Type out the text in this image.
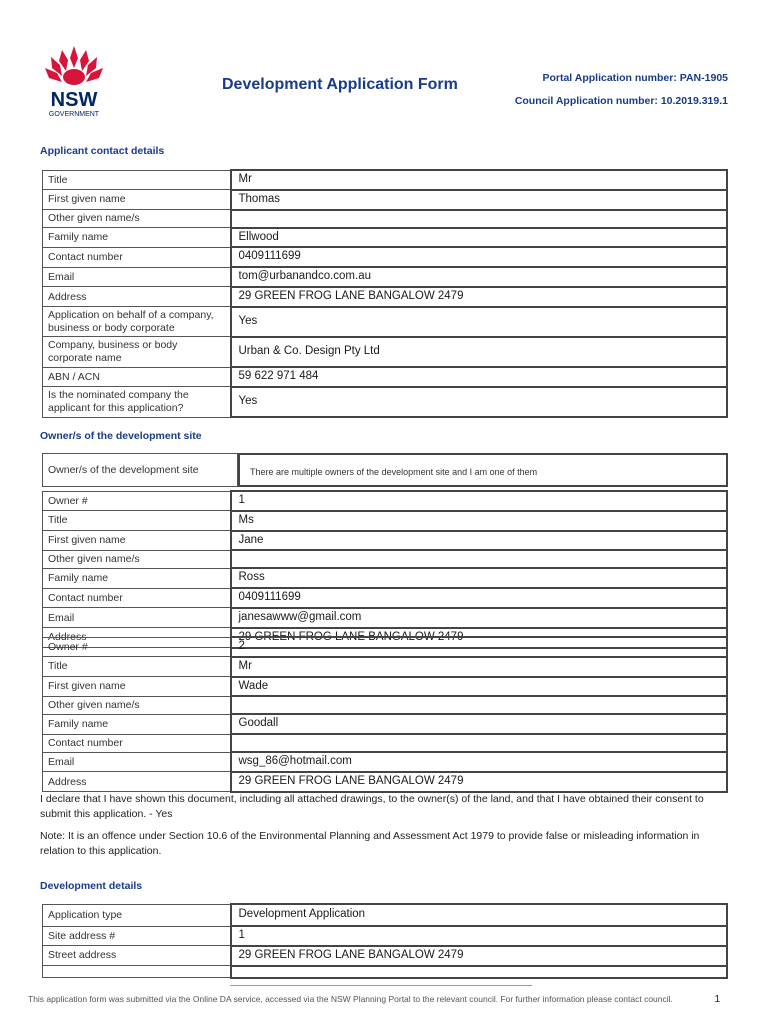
NSW
GOVERNMENT
Development Application Form	Portal Application number: PAN-1905
Council Application number: 10.2019.319.1
Applicant contact details
Title	Mr
First given name	Thomas
Other given name/s	
Family name	Ellwood
Contact number	0409111699
Email	tom@urbanandco.com.au
Address	29 GREEN FROG LANE BANGALOW 2479
Application on behalf of a company, business or body corporate	Yes
Company, business or body corporate name	Urban & Co. Design Pty Ltd
ABN / ACN	59 622 971 484
Is the nominated company the applicant for this application?	Yes
Owner/s of the development site
Owner/s of the development site	There are multiple owners of the development site and I am one of them
Owner #	1
Title	Ms
First given name	Jane
Other given name/s	
Family name	Ross
Contact number	0409111699
Email	janesawww@gmail.com
Address	29 GREEN FROG LANE BANGALOW 2479
Owner #	2
Title	Mr
First given name	Wade
Other given name/s	
Family name	Goodall
Contact number	
Email	wsg_86@hotmail.com
Address	29 GREEN FROG LANE BANGALOW 2479
I declare that I have shown this document, including all attached drawings, to the owner(s) of the land, and that I have obtained their consent to submit this application. - Yes
Note: It is an offence under Section 10.6 of the Environmental Planning and Assessment Act 1979 to provide false or misleading information in relation to this application.
Development details
Application type	Development Application
Site address #	1
Street address	29 GREEN FROG LANE BANGALOW 2479

This application form was submitted via the Online DA service, accessed via the NSW Planning Portal to the relevant council. For further information please contact council.	1
